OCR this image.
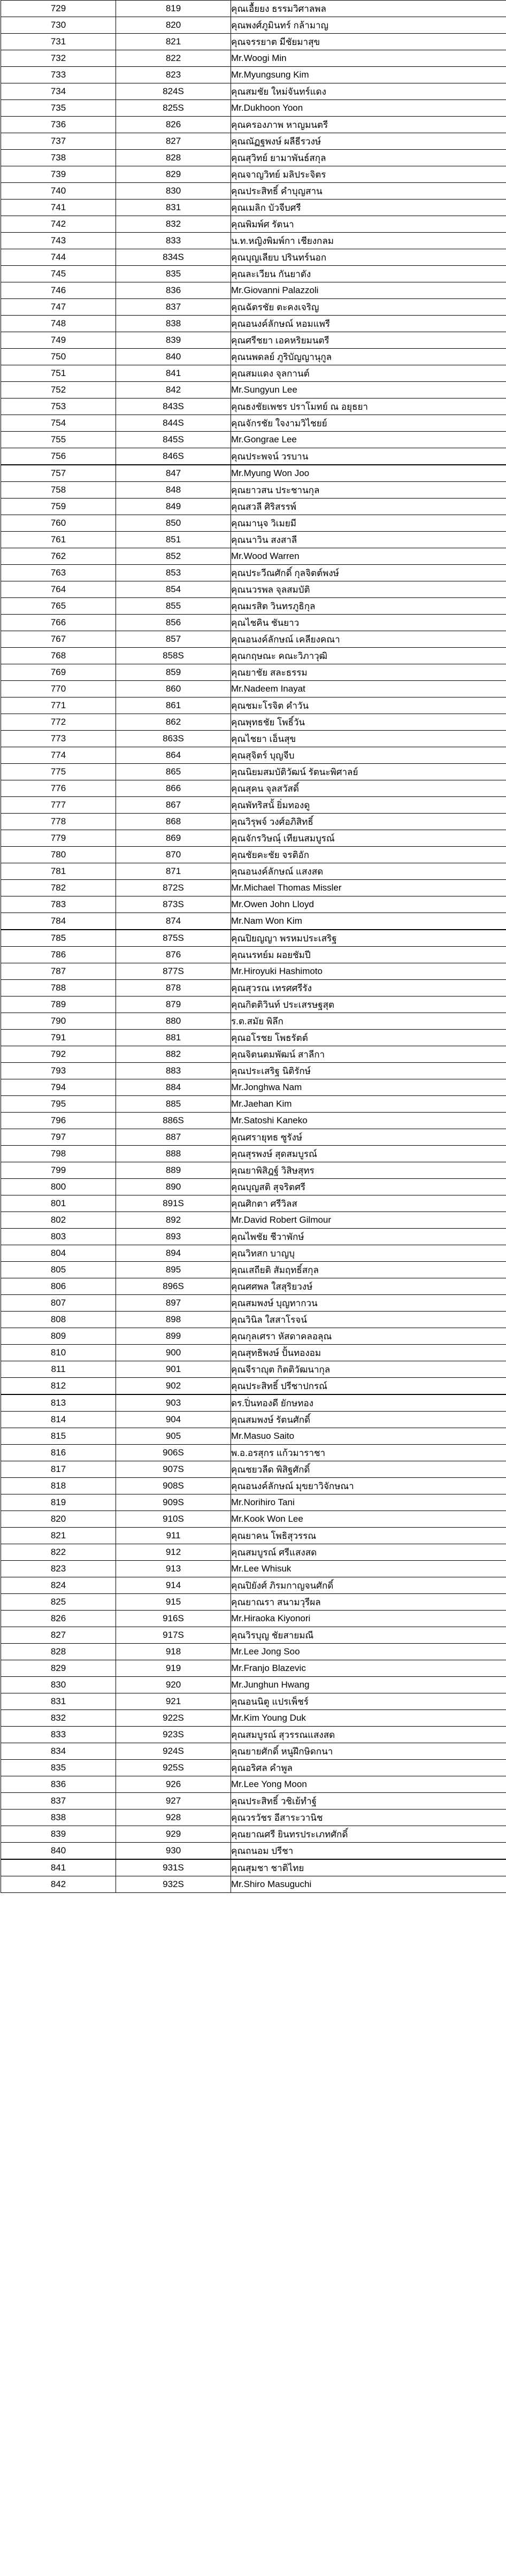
729	819	คุณเอื้ยยง ธรรมวิศาลพล
730	820	คุณพงศ์ภูมินทร์ กล้ามาญ
731	821	คุณจรรยาต มีชัยมาสุข
732	822	Mr.Woogi Min
733	823	Mr.Myungsung Kim
734	824S	คุณสมชัย ใหม่จันทร์แดง
735	825S	Mr.Dukhoon Yoon
736	826	คุณครองภาพ หาญมนตรี
737	827	คุณณัฏฐพงษ์ ผลีธีรวงษ์
738	828	คุณสุวิทย์ ยามาพันธ์สกุล
739	829	คุณจาญวิทย์ มลิประจิตร
740	830	คุณประสิทธิ์ คำบุญสาน
741	831	คุณเมลิก บัวจีบศรี
742	832	คุณพิมพ์ศ รัตนา
743	833	น.ท.หญิงพิมพ์กา เชียงกลม
744	834S	คุณบุญเลียบ ปรินทร์นอก
745	835	คุณละเวียน กันยาตัง
746	836	Mr.Giovanni Palazzoli
747	837	คุณฉัตรชัย ตะคงเจริญ
748	838	คุณอนงค์ลักษณ์ หอมแพรี
749	839	คุณศรีชยา เอคหริยมนตรี
750	840	คุณนพดลย์ ภูริบัญญานุกูล
751	841	คุณสมแดง จุลกานต์
752	842	Mr.Sungyun Lee
753	843S	คุณธงชัยเพชร ปราโมทย์ ณ อยุธยา
754	844S	คุณจักรชัย ใจงามวิไชยย์
755	845S	Mr.Gongrae Lee
756	846S	คุณประพจน์ วรบาน
757	847	Mr.Myung Won Joo
758	848	คุณยาวสน ประชานกุล
759	849	คุณสวลี ศิริสรรพ์
760	850	คุณมานุจ วิเมยมี
761	851	คุณนาวิน สงสาลี
762	852	Mr.Wood Warren
763	853	คุณประวีณศักดิ์ กุลจิตต์พงษ์
764	854	คุณนวรพล จุลสมบัติ
765	855	คุณมรสิต วินทรภูธิกุล
766	856	คุณไชคิน ชันยาว
767	857	คุณอนงค์ลักษณ์ เคลียงคณา
768	858S	คุณกฤษณะ คณะวิภาวุฒิ
769	859	คุณยาชัย สละธรรม
770	860	Mr.Nadeem Inayat
771	861	คุณชมะโรจิต คำวัน
772	862	คุณพุทธชัย โพธิ์วัน
773	863S	คุณไชยา เอ็นสุข
774	864	คุณสุจิตร์ บุญจีบ
775	865	คุณนิยมสมบัติวัฒน์ รัตนะพิศาลย์
776	866	คุณสุคน จุลสวัสดิ์
777	867	คุณพัทริสนั้ ยิ่มทองดู
778	868	คุณวิรุพจ์ วงศ์อภิสิทธิ์
779	869	คุณจักรวิษณุ์ เทียนสมบูรณ์
780	870	คุณชัยคะชัย จรติอัก
781	871	คุณอนงค์ลักษณ์ แสงสด
782	872S	Mr.Michael Thomas Missler
783	873S	Mr.Owen John Lloyd
784	874	Mr.Nam Won Kim
785	875S	คุณปิยญญา พรหมประเสริฐ
786	876	คุณนรทย์ม ผอยชัมปี
787	877S	Mr.Hiroyuki Hashimoto
788	878	คุณสุวรณ เทรศศรีรัง
789	879	คุณกิตติวินท์ ประเสรษฐสุต
790	880	ร.ต.สมัย พิลึก
791	881	คุณอโรชย โพธรัตต์
792	882	คุณจิตนตมพัฒน์ สาลีกา
793	883	คุณประเสริฐ นิติรักษ์
794	884	Mr.Jonghwa Nam
795	885	Mr.Jaehan Kim
796	886S	Mr.Satoshi Kaneko
797	887	คุณศรายุทธ ซูรังษ์
798	888	คุณสุรพงษ์ สุดสมบูรณ์
799	889	คุณยาพิสิฎฐ์ วิสิษสุทร
800	890	คุณบุญสติ สุจริตศรี
801	891S	คุณศิกตา ศรีวิลส
802	892	Mr.David Robert Gilmour
803	893	คุณไพชัย ชีวาพักษ์
804	894	คุณวิทสก บาญบุ
805	895	คุณเสถียติ สัมฤทธิ์สกุล
806	896S	คุณศศพล ใสสุริยวงษ์
807	897	คุณสมพงษ์ บุญทากวน
808	898	คุณวินิล ใสสาโรจน์
809	899	คุณกุลเศรา หัสดาคลอลุณ
810	900	คุณสุทธิพงษ์ ปั้นทองอม
811	901	คุณจีราญุต กิตติวัฒนากุล
812	902	คุณประสิทธิ์ ปรีชาปกรณ์
813	903	ดร.ปิ่นทองดี ยักษทอง
814	904	คุณสมพงษ์ รัตนศักดิ์
815	905	Mr.Masuo Saito
816	906S	พ.อ.อรสุกร แก้วมาราชา
817	907S	คุณชยวลีด พิสิฐศักดิ์
818	908S	คุณอนงค์ลักษณ์ มุขยาวิจักษณา
819	909S	Mr.Norihiro Tani
820	910S	Mr.Kook Won Lee
821	911	คุณยาคน โพธิสุวรรณ
822	912	คุณสมบูรณ์ ศรีแสงสด
823	913	Mr.Lee Whisuk
824	914	คุณปิยังศ์ ภิรมกาญจนศักดิ์
825	915	คุณยาณรา สนามวุรีผล
826	916S	Mr.Hiraoka Kiyonori
827	917S	คุณวิรบุญ ชัยสายมณี
828	918	Mr.Lee Jong Soo
829	919	Mr.Franjo Blazevic
830	920	Mr.Junghun Hwang
831	921	คุณอนนิตู แปรเพ็ชร์
832	922S	Mr.Kim Young Duk
833	923S	คุณสมบูรณ์ สุวรรณแสงสด
834	924S	คุณยายศักดิ์ หนูฝึกษิดกนา
835	925S	คุณอริศล คำพูล
836	926	Mr.Lee Yong Moon
837	927	คุณประสิทธิ์ วชิเย้ทำฐ์
838	928	คุณวรวัชร อีสาระวานิช
839	929	คุณยาณศรี ยินทรประเภทศักดิ์
840	930	คุณถนอม ปรีชา
841	931S	คุณสุมชา ชาติไทย
842	932S	Mr.Shiro Masuguchi
